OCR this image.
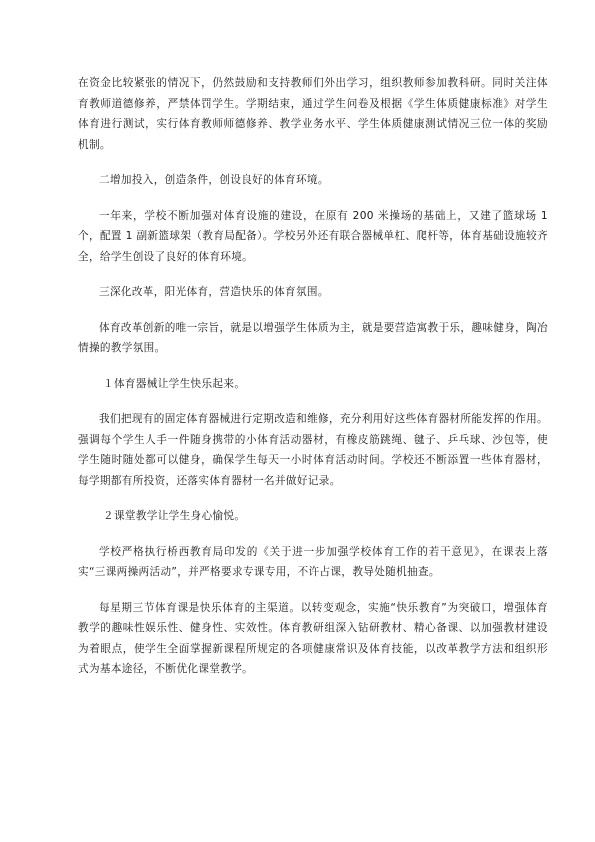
在资金比较紧张的情况下，仍然鼓励和支持教师们外出学习，组织教师参加教科研。同时关注体育教师道德修养，严禁体罚学生。学期结束，通过学生问卷及根据《学生体质健康标准》对学生体育进行测试，实行体育教师师德修养、教学业务水平、学生体质健康测试情况三位一体的奖励机制。

二增加投入，创造条件，创设良好的体育环境。

一年来，学校不断加强对体育设施的建设，在原有 200 米操场的基础上，又建了篮球场 1 个，配置 1 副新篮球架（教育局配备）。学校另外还有联合器械单杠、爬杆等，体育基础设施较齐全，给学生创设了良好的体育环境。

三深化改革，阳光体育，营造快乐的体育氛围。

体育改革创新的唯一宗旨，就是以增强学生体质为主，就是要营造寓教于乐，趣味健身，陶冶情操的教学氛围。

１体育器械让学生快乐起来。

我们把现有的固定体育器械进行定期改造和维修，充分利用好这些体育器材所能发挥的作用。强调每个学生人手一件随身携带的小体育活动器材，有橡皮筋跳绳、毽子、乒乓球、沙包等，使学生随时随处都可以健身，确保学生每天一小时体育活动时间。学校还不断添置一些体育器材，每学期都有所投资，还落实体育器材一名并做好记录。

２课堂教学让学生身心愉悦。

学校严格执行桥西教育局印发的《关于进一步加强学校体育工作的若干意见》，在课表上落实“三课两操两活动”，并严格要求专课专用，不许占课，教导处随机抽查。

每星期三节体育课是快乐体育的主渠道。以转变观念，实施“快乐教育”为突破口，增强体育教学的趣味性娱乐性、健身性、实效性。体育教研组深入钻研教材、精心备课、以加强教材建设为着眼点，使学生全面掌握新课程所规定的各项健康常识及体育技能，以改革教学方法和组织形式为基本途径，不断优化课堂教学。
